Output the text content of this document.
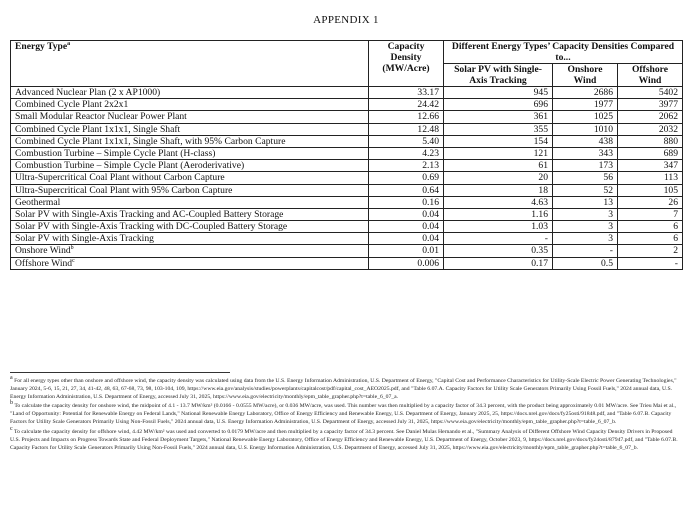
APPENDIX 1
Energy Type$^a$	Capacity Density (MW/Acre)	Different Energy Types’ Capacity Densities Compared to...		
		Solar PV with Single-Axis Tracking	Onshore Wind	Offshore Wind
Advanced Nuclear Plan (2 x AP1000)	33.17	945	2686	5402
Combined Cycle Plant 2x2x1	24.42	696	1977	3977
Small Modular Reactor Nuclear Power Plant	12.66	361	1025	2062
Combined Cycle Plant 1x1x1, Single Shaft	12.48	355	1010	2032
Combined Cycle Plant 1x1x1, Single Shaft, with 95% Carbon Capture	5.40	154	438	880
Combustion Turbine – Simple Cycle Plant (H-class)	4.23	121	343	689
Combustion Turbine – Simple Cycle Plant (Aeroderivative)	2.13	61	173	347
Ultra-Supercritical Coal Plant without Carbon Capture	0.69	20	56	113
Ultra-Supercritical Coal Plant with 95% Carbon Capture	0.64	18	52	105
Geothermal	0.16	4.63	13	26
Solar PV with Single-Axis Tracking and AC-Coupled Battery Storage	0.04	1.16	3	7
Solar PV with Single-Axis Tracking with DC-Coupled Battery Storage	0.04	1.03	3	6
Solar PV with Single-Axis Tracking	0.04	-	3	6
Onshore Wind$^b$	0.01	0.35	-	2
Offshore Wind$^c$	0.006	0.17	0.5	-

$^a$ For all energy types other than onshore and offshore wind, the capacity density was calculated using data from the U.S. Energy Information Administration, U.S. Department of Energy, "Capital Cost and Performance Characteristics for Utility-Scale Electric Power Generating Technologies," January 2024, 5-6, 15, 21, 27, 34, 41-42, 48, 63, 67-68, 73, 98, 103-104, 109, https://www.eia.gov/analysis/studies/powerplants/capitalcost/pdf/capital_cost_AEO2025.pdf, and "Table 6.07.A. Capacity Factors for Utility Scale Generators Primarily Using Fossil Fuels," 2024 annual data, U.S. Energy Information Administration, U.S. Department of Energy, accessed July 31, 2025, https://www.eia.gov/electricity/monthly/epm_table_grapher.php?t=table_6_07_a.

$^b$ To calculate the capacity density for onshore wind, the midpoint of 4.1 - 13.7 MW/km² (0.0166 - 0.0555 MW/acre), or 0.036 MW/acre, was used. This number was then multiplied by a capacity factor of 34.3 percent, with the product being approximately 0.01 MW/acre. See Trieu Mai et al., "Land of Opportunity: Potential for Renewable Energy on Federal Lands," National Renewable Energy Laboratory, Office of Energy Efficiency and Renewable Energy, U.S. Department of Energy, January 2025, 25, https://docs.nrel.gov/docs/fy25osti/91848.pdf, and "Table 6.07.B. Capacity Factors for Utility Scale Generators Primarily Using Non-Fossil Fuels," 2024 annual data, U.S. Energy Information Administration, U.S. Department of Energy, accessed July 31, 2025, https://www.eia.gov/electricity/monthly/epm_table_grapher.php?t=table_6_07_b.

$^c$ To calculate the capacity density for offshore wind, 4.42 MW/km² was used and converted to 0.0179 MW/acre and then multiplied by a capacity factor of 34.3 percent. See Daniel Mulas Hernando et al., "Summary Analysis of Different Offshore Wind Capacity Density Drivers in Proposed U.S. Projects and Impacts on Progress Towards State and Federal Deployment Targets," National Renewable Energy Laboratory, Office of Energy Efficiency and Renewable Energy, U.S. Department of Energy, October 2023, 9, https://docs.nrel.gov/docs/fy24osti/87947.pdf, and "Table 6.07.B. Capacity Factors for Utility Scale Generators Primarily Using Non-Fossil Fuels," 2024 annual data, U.S. Energy Information Administration, U.S. Department of Energy, accessed July 31, 2025, https://www.eia.gov/electricity/monthly/epm_table_grapher.php?t=table_6_07_b.
